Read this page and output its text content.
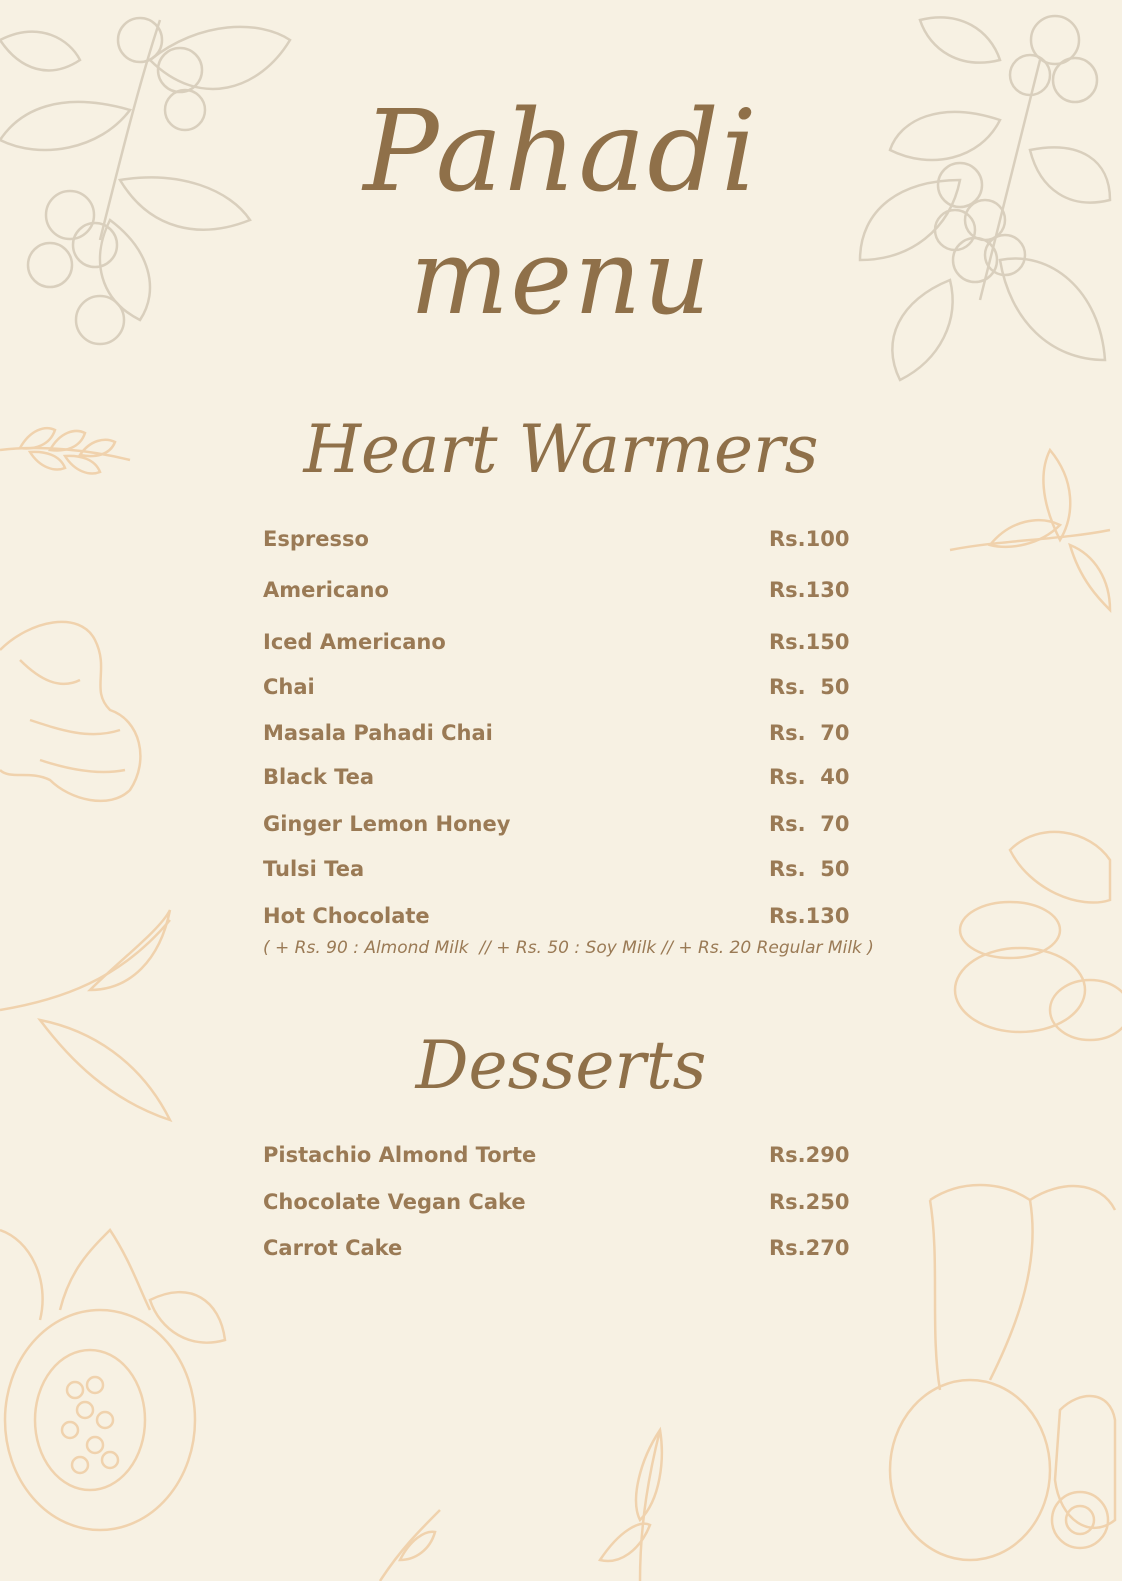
Pahadi
menu
Heart Warmers
Espresso	Rs.100
Americano	Rs.130
Iced Americano	Rs.150
Chai	Rs.  50
Masala Pahadi Chai	Rs.  70
Black Tea	Rs.  40
Ginger Lemon Honey	Rs.  70
Tulsi Tea	Rs.  50
Hot Chocolate	Rs.130
( + Rs. 90 : Almond Milk  // + Rs. 50 : Soy Milk // + Rs. 20 Regular Milk )
Desserts
Pistachio Almond Torte	Rs.290
Chocolate Vegan Cake	Rs.250
Carrot Cake	Rs.270
